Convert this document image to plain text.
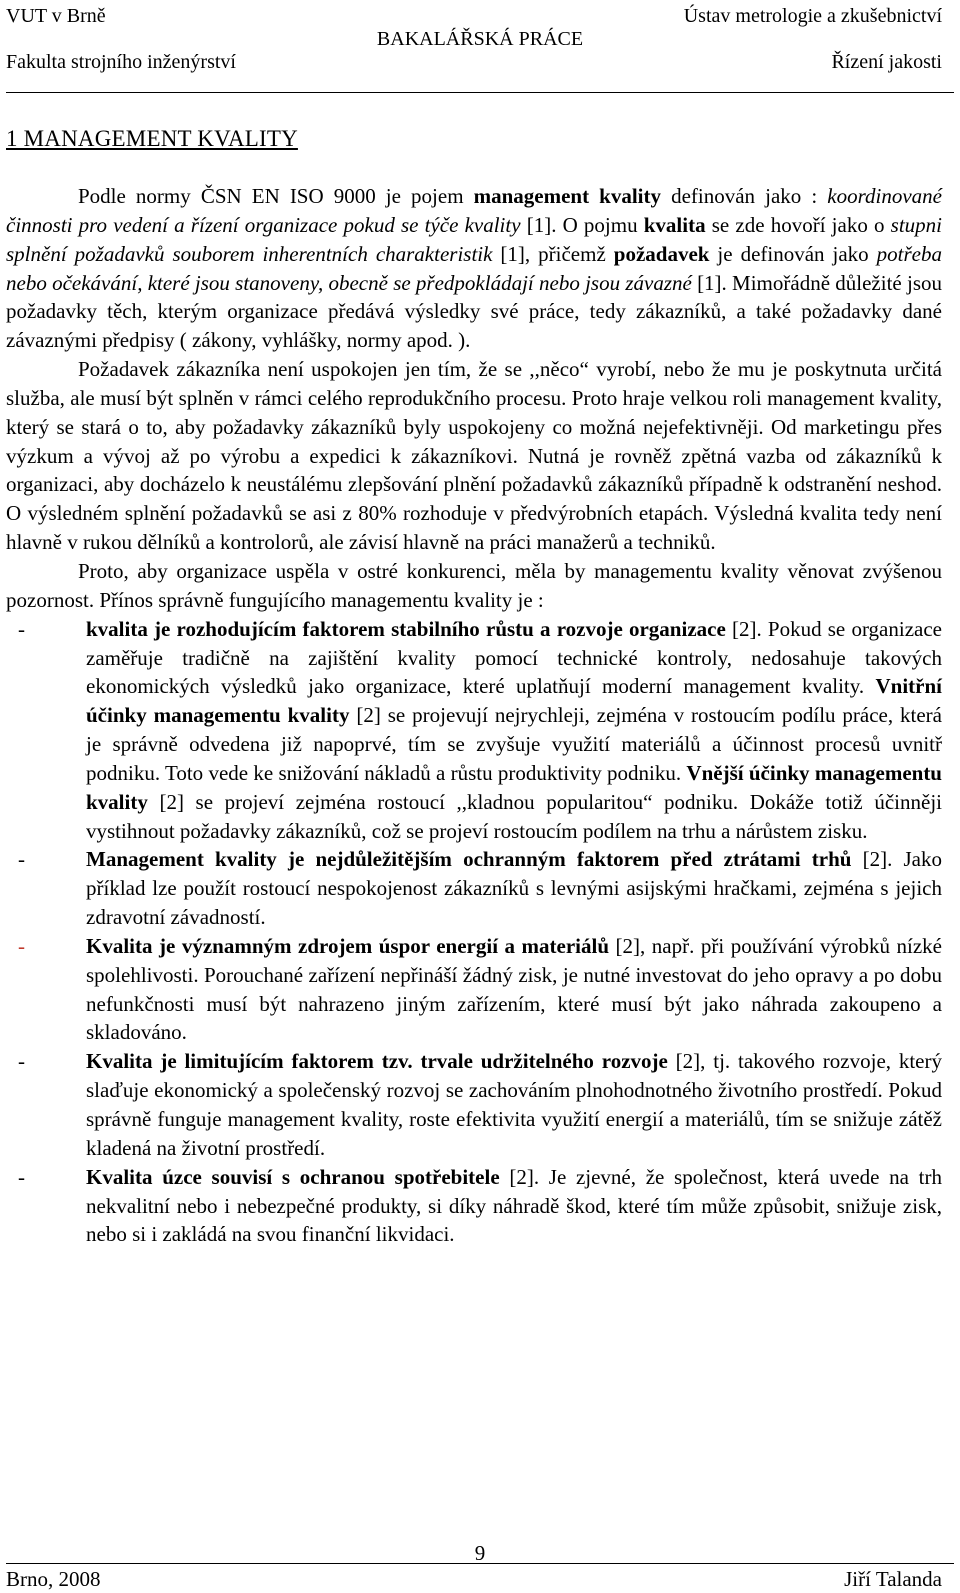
VUT v Brně
BAKALÁŘSKÁ PRÁCE
Ústav metrologie a zkušebnictví
Fakulta strojního inženýrství	Řízení jakosti
1 MANAGEMENT KVALITY

Podle normy ČSN EN ISO 9000 je pojem management kvality definován jako : koordinované činnosti pro vedení a řízení organizace pokud se týče kvality [1]. O pojmu kvalita se zde hovoří jako o stupni splnění požadavků souborem inherentních charakteristik [1], přičemž požadavek je definován jako potřeba nebo očekávání, které jsou stanoveny, obecně se předpokládají nebo jsou závazné [1]. Mimořádně důležité jsou požadavky těch, kterým organizace předává výsledky své práce, tedy zákazníků, a také požadavky dané závaznými předpisy ( zákony, vyhlášky, normy apod. ).

Požadavek zákazníka není uspokojen jen tím, že se ,,něco“ vyrobí, nebo že mu je poskytnuta určitá služba, ale musí být splněn v rámci celého reprodukčního procesu. Proto hraje velkou roli management kvality, který se stará o to, aby požadavky zákazníků byly uspokojeny co možná nejefektivněji. Od marketingu přes výzkum a vývoj až po výrobu a expedici k zákazníkovi. Nutná je rovněž zpětná vazba od zákazníků k organizaci, aby docházelo k neustálému zlepšování plnění požadavků zákazníků případně k odstranění neshod. O výsledném splnění požadavků se asi z 80% rozhoduje v předvýrobních etapách. Výsledná kvalita tedy není hlavně v rukou dělníků a kontrolorů, ale závisí hlavně na práci manažerů a techniků.

Proto, aby organizace uspěla v ostré konkurenci, měla by managementu kvality věnovat zvýšenou pozornost. Přínos správně fungujícího managementu kvality je :

-	kvalita je rozhodujícím faktorem stabilního růstu a rozvoje organizace [2]. Pokud se organizace zaměřuje tradičně na zajištění kvality pomocí technické kontroly, nedosahuje takových ekonomických výsledků jako organizace, které uplatňují moderní management kvality. Vnitřní účinky managementu kvality [2] se projevují nejrychleji, zejména v rostoucím podílu práce, která je správně odvedena již napoprvé, tím se zvyšuje využití materiálů a účinnost procesů uvnitř podniku. Toto vede ke snižování nákladů a růstu produktivity podniku. Vnější účinky managementu kvality [2] se projeví zejména rostoucí ,,kladnou popularitou“ podniku. Dokáže totiž účinněji vystihnout požadavky zákazníků, což se projeví rostoucím podílem na trhu a nárůstem zisku.

-	Management kvality je nejdůležitějším ochranným faktorem před ztrátami trhů [2]. Jako příklad lze použít rostoucí nespokojenost zákazníků s levnými asijskými hračkami, zejména s jejich zdravotní závadností.

-	Kvalita je významným zdrojem úspor energií a materiálů [2], např. při používání výrobků nízké spolehlivosti. Porouchané zařízení nepřináší žádný zisk, je nutné investovat do jeho opravy a po dobu nefunkčnosti musí být nahrazeno jiným zařízením, které musí být jako náhrada zakoupeno a skladováno.

-	Kvalita je limitujícím faktorem tzv. trvale udržitelného rozvoje [2], tj. takového rozvoje, který slaďuje ekonomický a společenský rozvoj se zachováním plnohodnotného životního prostředí. Pokud správně funguje management kvality, roste efektivita využití energií a materiálů, tím se snižuje zátěž kladená na životní prostředí.

-	Kvalita úzce souvisí s ochranou spotřebitele [2]. Je zjevné, že společnost, která uvede na trh nekvalitní nebo i nebezpečné produkty, si díky náhradě škod, které tím může způsobit, snižuje zisk, nebo si i zakládá na svou finanční likvidaci.

9
Brno, 2008	Jiří Talanda
